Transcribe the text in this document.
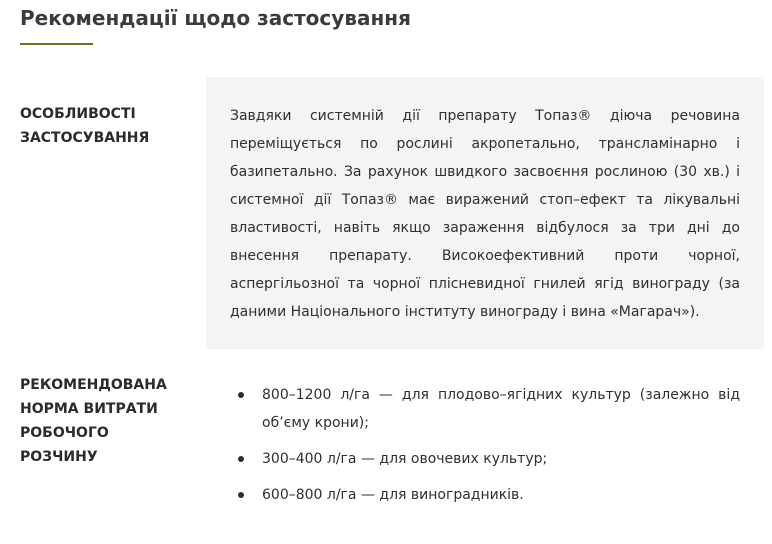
Рекомендації щодо застосування
ОСОБЛИВОСТІ ЗАСТОСУВАННЯ

Завдяки системній дії препарату Топаз® діюча речовина переміщується по рослині акропетально, трансламінарно і базипетально. За рахунок швидкого засвоєння рослиною (30 хв.) і системної дії Топаз® має виражений стоп–ефект та лікувальні властивості, навіть якщо зараження відбулося за три дні до внесення препарату. Високоефективний проти чорної, аспергільозної та чорної плісневидної гнилей ягід винограду (за даними Національного інституту винограду і вина «Магарач»).

РЕКОМЕНДОВАНА НОРМА ВИТРАТИ РОБОЧОГО РОЗЧИНУ
800–1200 л/га — для плодово–ягідних культур (залежно від об’єму крони);
300–400 л/га — для овочевих культур;
600–800 л/га — для виноградників.
